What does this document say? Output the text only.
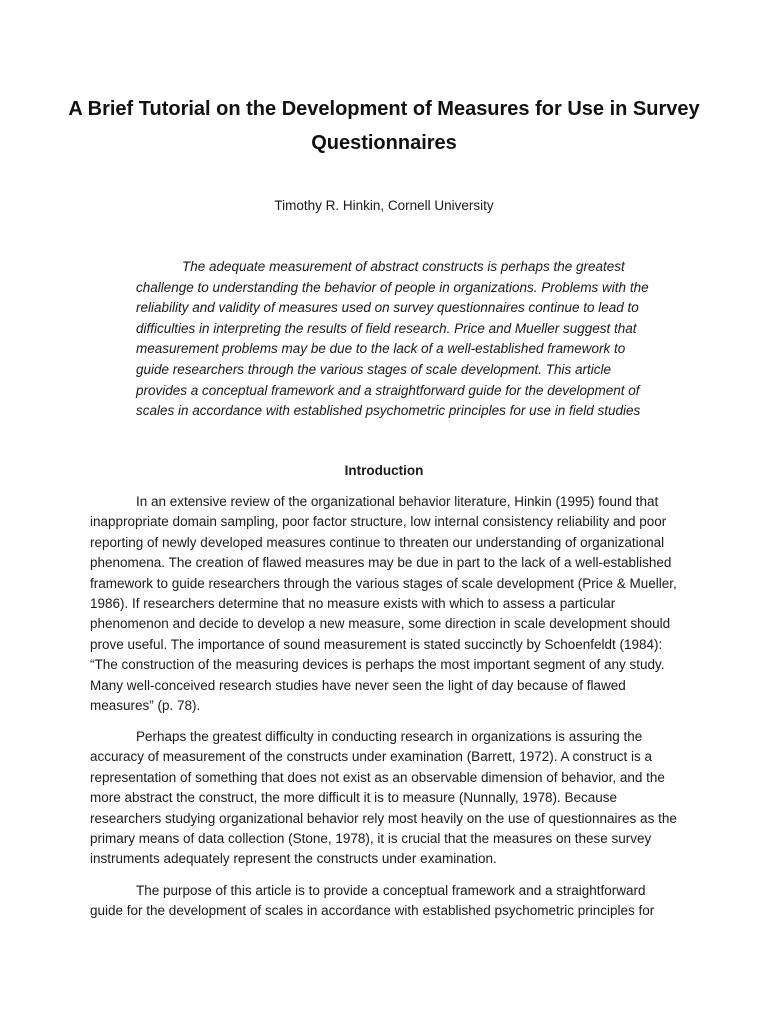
A Brief Tutorial on the Development of Measures for Use in Survey Questionnaires

Timothy R. Hinkin, Cornell University

The adequate measurement of abstract constructs is perhaps the greatest challenge to understanding the behavior of people in organizations. Problems with the reliability and validity of measures used on survey questionnaires continue to lead to difficulties in interpreting the results of field research. Price and Mueller suggest that measurement problems may be due to the lack of a well-established framework to guide researchers through the various stages of scale development. This article provides a conceptual framework and a straightforward guide for the development of scales in accordance with established psychometric principles for use in field studies

Introduction

In an extensive review of the organizational behavior literature, Hinkin (1995) found that inappropriate domain sampling, poor factor structure, low internal consistency reliability and poor reporting of newly developed measures continue to threaten our understanding of organizational phenomena. The creation of flawed measures may be due in part to the lack of a well-established framework to guide researchers through the various stages of scale development (Price & Mueller, 1986). If researchers determine that no measure exists with which to assess a particular phenomenon and decide to develop a new measure, some direction in scale development should prove useful. The importance of sound measurement is stated succinctly by Schoenfeldt (1984): “The construction of the measuring devices is perhaps the most important segment of any study. Many well-conceived research studies have never seen the light of day because of flawed measures” (p. 78).

Perhaps the greatest difficulty in conducting research in organizations is assuring the accuracy of measurement of the constructs under examination (Barrett, 1972). A construct is a representation of something that does not exist as an observable dimension of behavior, and the more abstract the construct, the more difficult it is to measure (Nunnally, 1978). Because researchers studying organizational behavior rely most heavily on the use of questionnaires as the primary means of data collection (Stone, 1978), it is crucial that the measures on these survey instruments adequately represent the constructs under examination.

The purpose of this article is to provide a conceptual framework and a straightforward guide for the development of scales in accordance with established psychometric principles for
